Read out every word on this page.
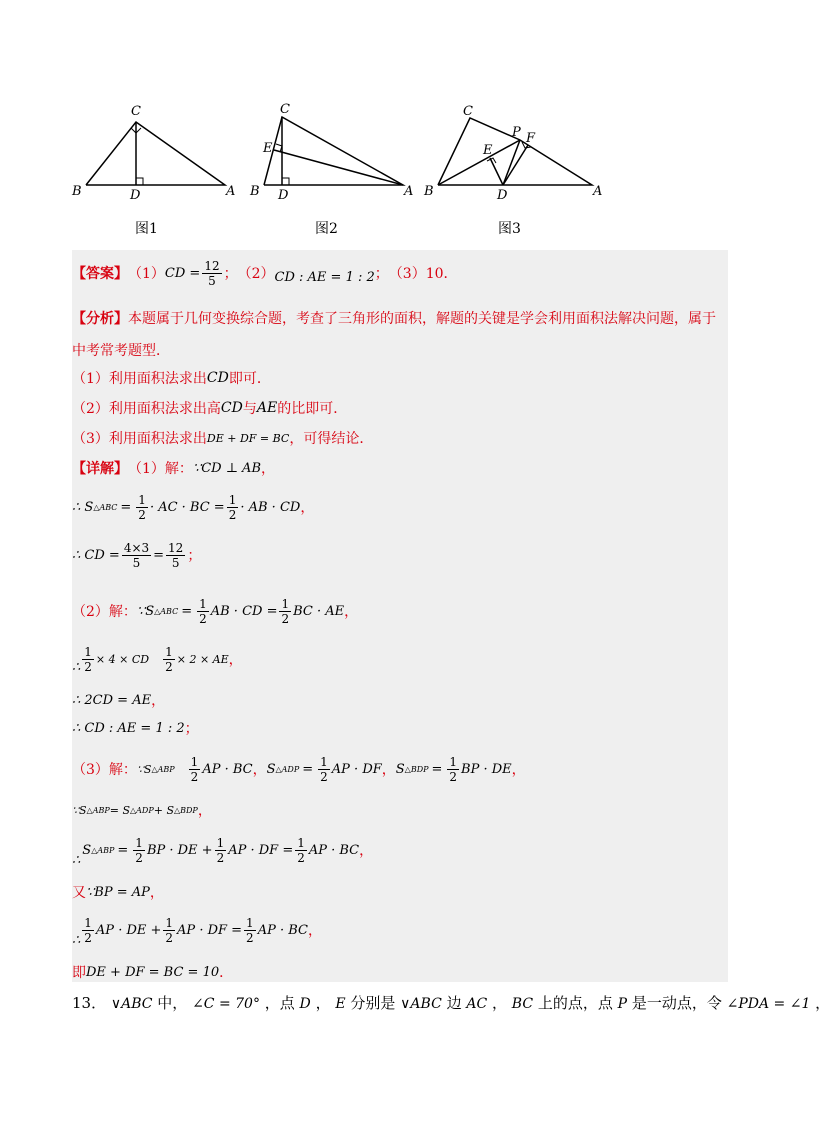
C
B	D	A
C
E
B D	A
C
P F
E
B	D	A
图1	图2	图3
【答案】 （1） CD = $\frac{12}{5}$ ； （2） CD : AE = 1 : 2 ； （3）10．
【分析】 本题属于几何变换综合题，考查了三角形的面积，解题的关键是学会利用面积法解决问题，属于
中考常考题型．
（1）利用面积法求出 CD 即可．
（2）利用面积法求出高 CD 与 AE 的比即可．
（3）利用面积法求出 DE + DF = BC ，可得结论．
【详解】 （1）解： ∵CD ⊥ AB ，
∴ S △ABC = $\frac{1}{2}$ · AC · BC = $\frac{1}{2}$ · AB · CD ，
∴ CD = $\frac{4\times 3}{5} = \frac{12}{5}$ ；
（2）解： ∵S △ABC = $\frac{1}{2}$ AB · CD = $\frac{1}{2}$ BC · AE ，
∴ $\frac{1}{2} \times 4$ × CD $\frac{1}{2} \times 2$ × AE ，
∴ 2CD = AE ，
∴ CD : AE = 1 : 2 ；
（3）解： ∵S △ABP $\frac{1}{2}$ AP · BC ， S △ADP = $\frac{1}{2}$ AP · DF ， S △BDP = $\frac{1}{2}$ BP · DE ，
∵S △ABP = S △ADP + S △BDP ，
∴
S △ABP = $\frac{1}{2}$ BP · DE + $\frac{1}{2}$ AP · DF = $\frac{1}{2}$ AP · BC ，
又 ∵BP = AP ，
∴ $\frac{1}{2}$ AP · DE + $\frac{1}{2}$ AP · DF = $\frac{1}{2}$ AP · BC ，
即 DE + DF = BC = 10 ．
13． ∨ABC 中， ∠C = 70° ，点 D ， E 分别是 ∨ABC 边 AC ， BC 上的点，点 P 是一动点，令 ∠PDA = ∠1 ，
